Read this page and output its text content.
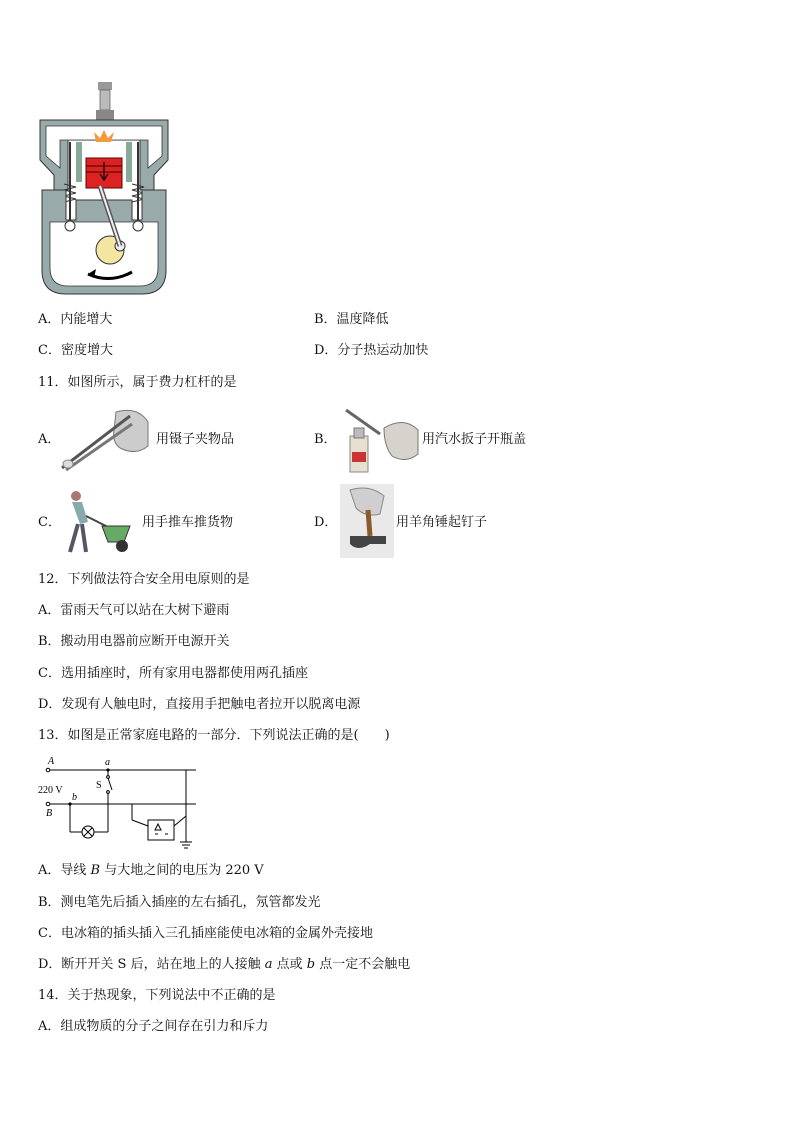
A．内能增大	B．温度降低
C．密度增大	D．分子热运动加快
11．如图所示，属于费力杠杆的是
A．	用镊子夹物品	B．	用汽水扳子开瓶盖
C．	用手推车推货物	D．	用羊角锤起钉子
12．下列做法符合安全用电原则的是
A．雷雨天气可以站在大树下避雨
B．搬动用电器前应断开电源开关
C．选用插座时，所有家用电器都使用两孔插座
D．发现有人触电时，直接用手把触电者拉开以脱离电源
13．如图是正常家庭电路的一部分．下列说法正确的是(　　)
A
220 V
B
a
S
b
A．导线 B 与大地之间的电压为 220 V
B．测电笔先后插入插座的左右插孔，氖管都发光
C．电冰箱的插头插入三孔插座能使电冰箱的金属外壳接地
D．断开开关 S 后，站在地上的人接触 a 点或 b 点一定不会触电
14．关于热现象，下列说法中不正确的是
A．组成物质的分子之间存在引力和斥力
